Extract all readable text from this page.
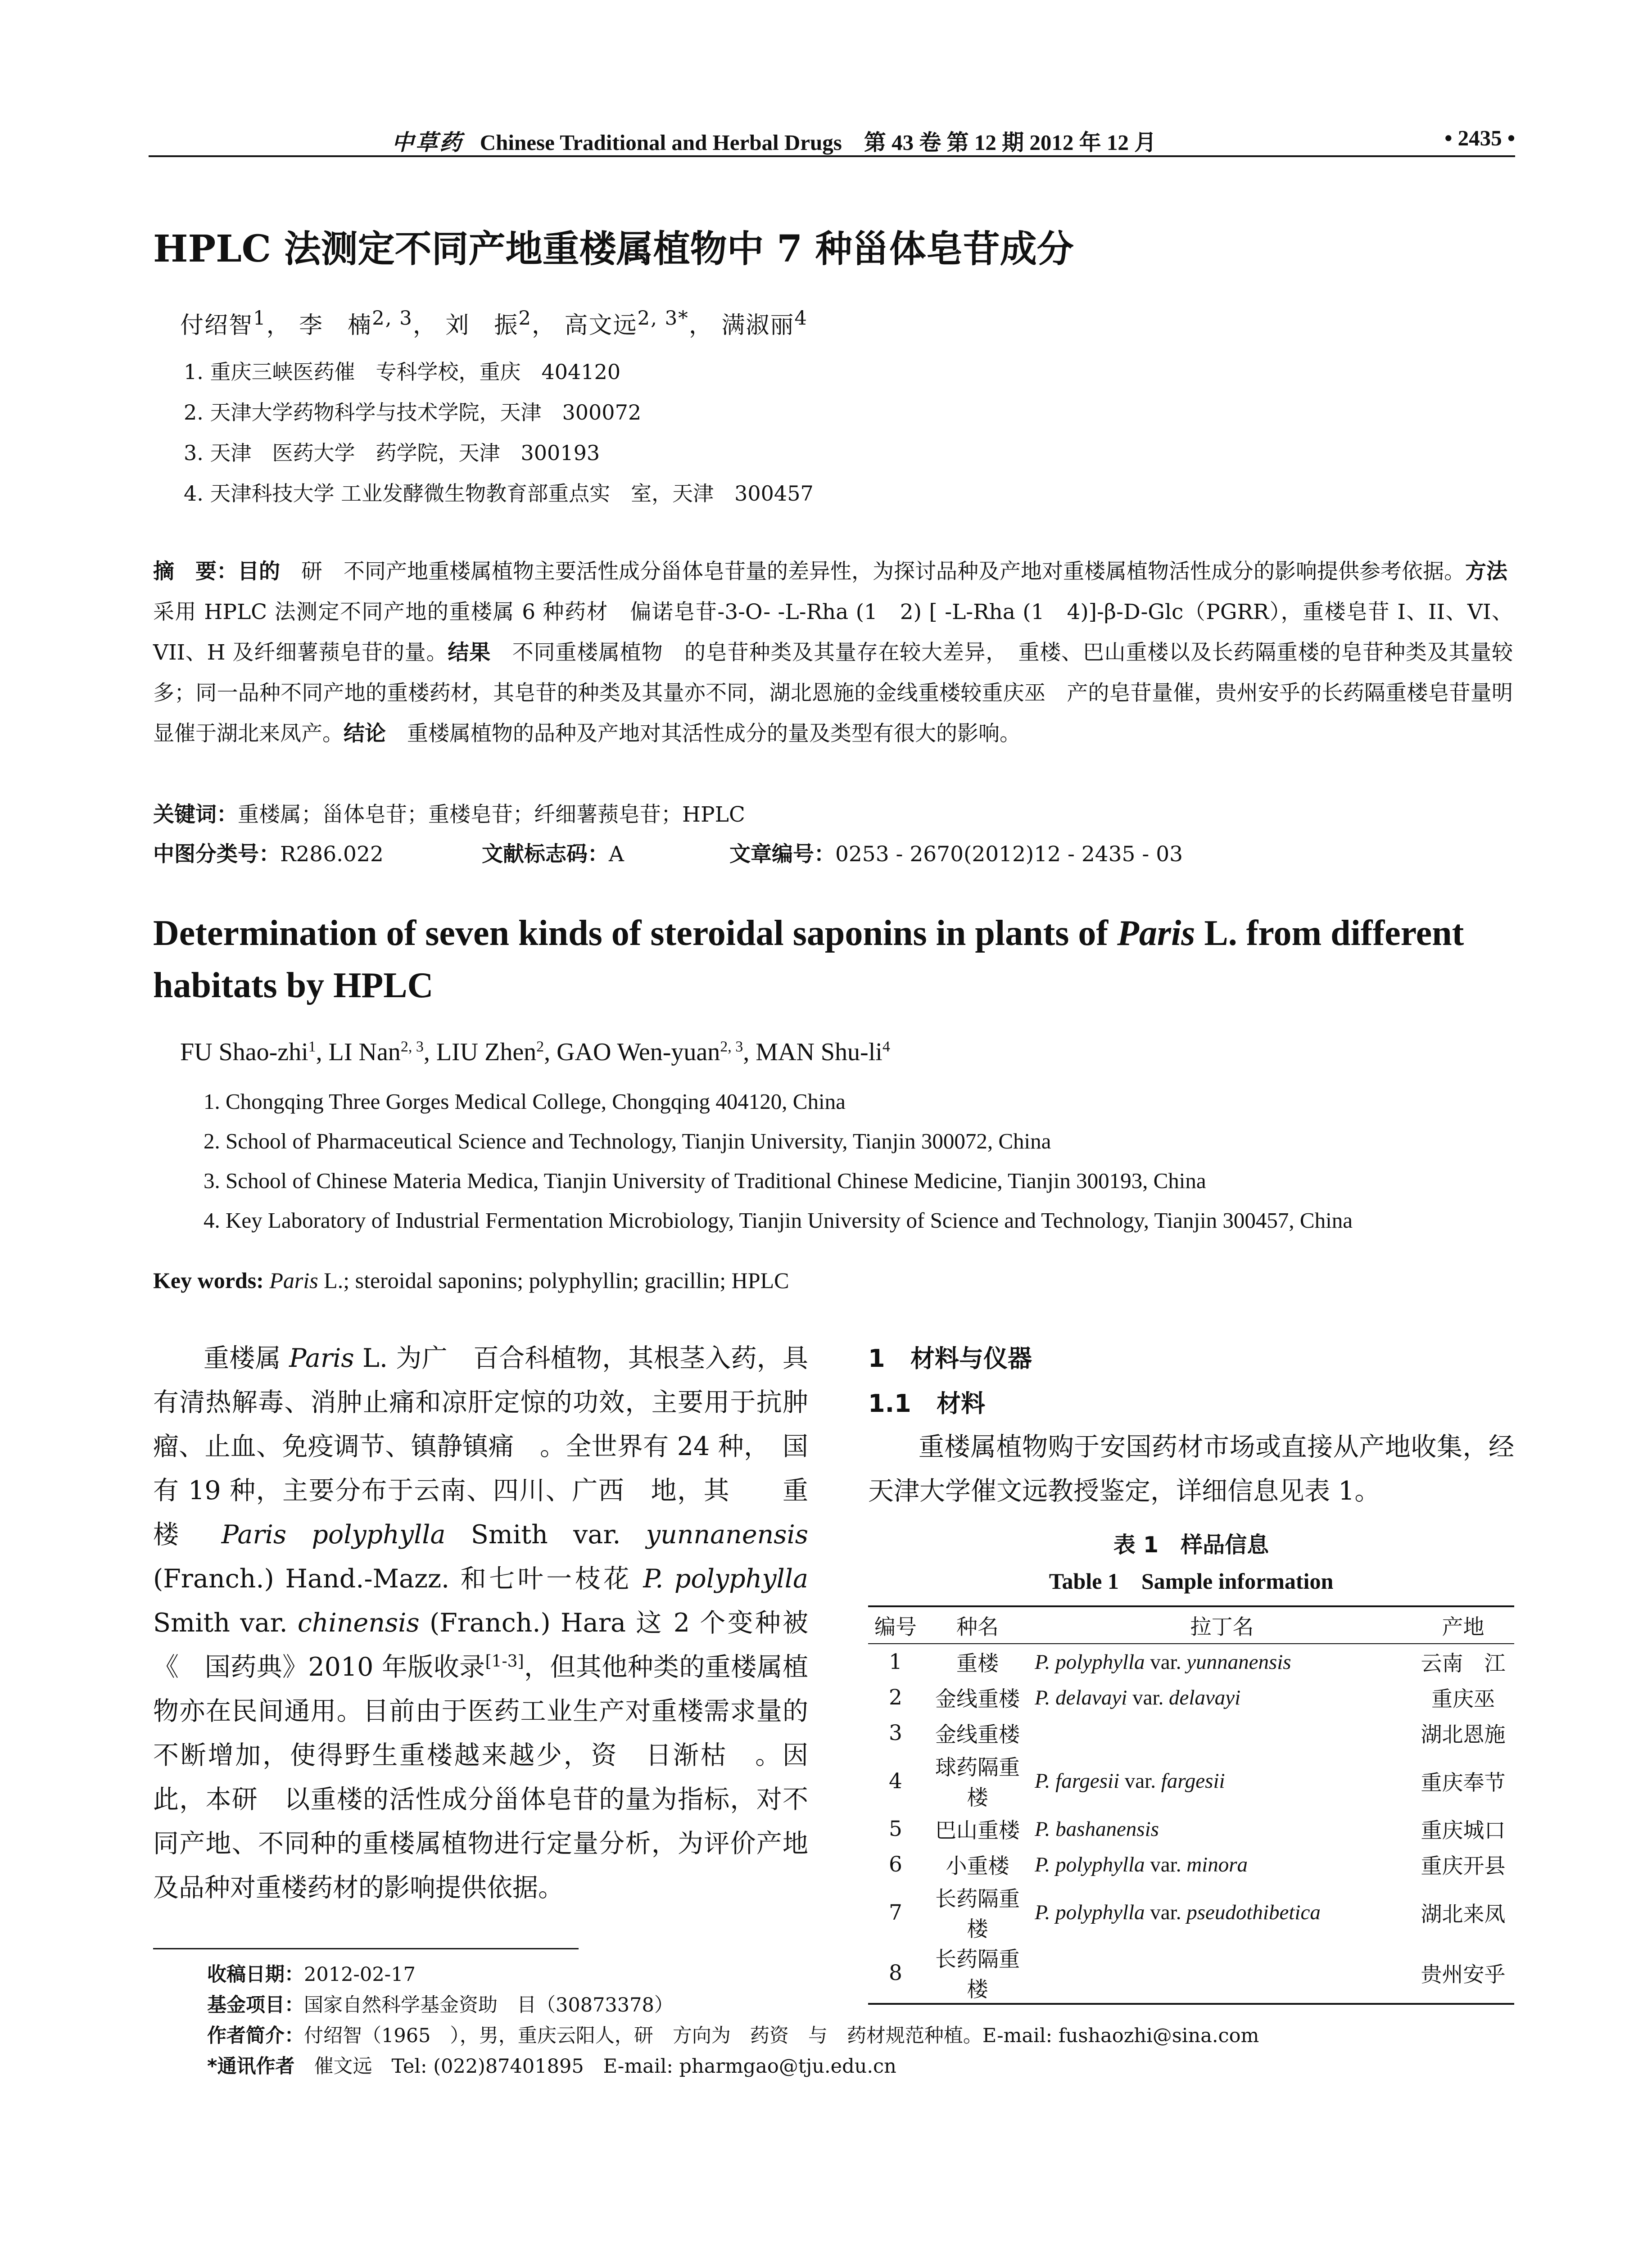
中草药 Chinese Traditional and Herbal Drugs 第 43 卷 第 12 期 2012 年 12 月	• 2435 •
HPLC 法测定不同产地重楼属植物中 7 种甾体皂苷成分
付绍智$^1$， 李　楠$^{2, 3}$， 刘　振$^2$， 高文远$^{2, 3*}$， 满淑丽$^4$
1. 重庆三峡医药催　专科学校，重庆　404120
2. 天津大学药物科学与技术学院，天津　300072
3. 天津　医药大学　药学院，天津　300193
4. 天津科技大学 工业发酵微生物教育部重点实　室，天津　300457
摘　要：目的　研　不同产地重楼属植物主要活性成分甾体皂苷量的差异性，为探讨品种及产地对重楼属植物活性成分的影响提供参考依据。方法　采用 HPLC 法测定不同产地的重楼属 6 种药材　偏诺皂苷-3-O- -L-Rha (1　2) [ -L-Rha (1　4)]-β-D-Glc（PGRR），重楼皂苷 I、II、VI、VII、H 及纤细薯蓣皂苷的量。结果　不同重楼属植物　的皂苷种类及其量存在较大差异，　重楼、巴山重楼以及长药隔重楼的皂苷种类及其量较多；同一品种不同产地的重楼药材，其皂苷的种类及其量亦不同，湖北恩施的金线重楼较重庆巫　产的皂苷量催，贵州安乎的长药隔重楼皂苷量明显催于湖北来凤产。结论　重楼属植物的品种及产地对其活性成分的量及类型有很大的影响。
关键词：重楼属；甾体皂苷；重楼皂苷；纤细薯蓣皂苷；HPLC
中图分类号：R286.022	文献标志码：A	文章编号：0253 - 2670(2012)12 - 2435 - 03
Determination of seven kinds of steroidal saponins in plants of Paris L. from different habitats by HPLC
FU Shao-zhi$^1$, LI Nan$^{2, 3}$, LIU Zhen$^2$, GAO Wen-yuan$^{2, 3}$, MAN Shu-$li^4$
1. Chongqing Three Gorges Medical College, Chongqing 404120, China
2. School of Pharmaceutical Science and Technology, Tianjin University, Tianjin 300072, China
3. School of Chinese Materia Medica, Tianjin University of Traditional Chinese Medicine, Tianjin 300193, China
4. Key Laboratory of Industrial Fermentation Microbiology, Tianjin University of Science and Technology, Tianjin 300457, China
Key words: Paris L.; steroidal saponins; polyphyllin; gracillin; HPLC

重楼属 Paris L. 为广　百合科植物，其根茎入药，具有清热解毒、消肿止痛和凉肝定惊的功效，主要用于抗肿瘤、止血、免疫调节、镇静镇痛　。全世界有 24 种，　国有 19 种，主要分布于云南、四川、广西　地，其　　重楼 Paris polyphylla Smith var. yunnanensis (Franch.) Hand.-Mazz. 和七叶一枝花 P. polyphylla Smith var. chinensis (Franch.) Hara 这 2 个变种被《　国药典》2010 年版收录[1-3]，但其他种类的重楼属植物亦在民间通用。目前由于医药工业生产对重楼需求量的不断增加，使得野生重楼越来越少，资　日渐枯　。因此，本研　以重楼的活性成分甾体皂苷的量为指标，对不同产地、不同种的重楼属植物进行定量分析，为评价产地及品种对重楼药材的影响提供依据。

1 材料与仪器
1.1 材料

重楼属植物购于安国药材市场或直接从产地收集，经天津大学催文远教授鉴定，详细信息见表 1。

表 1　样品信息
Table 1　Sample information
编号	种名	拉丁名	产地
1	重楼	P. polyphylla var. yunnanensis	云南　江
2	金线重楼	P. delavayi var. delavayi	重庆巫
3	金线重楼		湖北恩施
4	球药隔重楼	P. fargesii var. fargesii	重庆奉节
5	巴山重楼	P. bashanensis	重庆城口
6	小重楼	P. polyphylla var. minora	重庆开县
7	长药隔重楼	P. polyphylla var. pseudothibetica	湖北来凤
8	长药隔重楼		贵州安乎
收稿日期：2012-02-17
基金项目：国家自然科学基金资助　目（30873378）
作者简介：付绍智（1965　），男，重庆云阳人，研　方向为　药资　与　药材规范种植。E-mail: fushaozhi@sina.com
*通讯作者　催文远　Tel: (022)87401895　E-mail: pharmgao@tju.edu.cn
